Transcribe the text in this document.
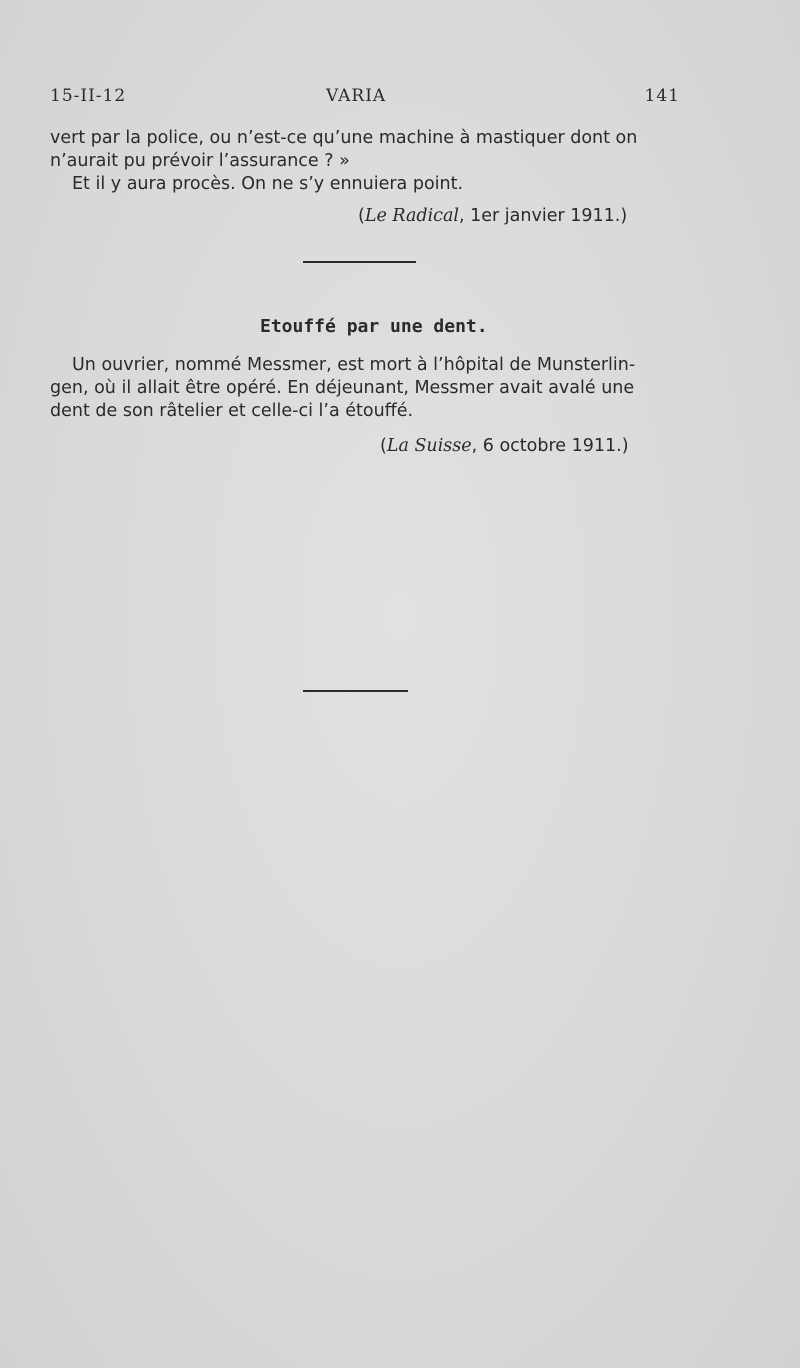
15-II-12	VARIA	141
vert par la police, ou n’est-ce qu’une machine à mastiquer dont on
n’aurait pu prévoir l’assurance ? »
Et il y aura procès. On ne s’y ennuiera point.
(Le Radical, 1er janvier 1911.)
Etouffé par une dent.
Un ouvrier, nommé Messmer, est mort à l’hôpital de Munsterlin-
gen, où il allait être opéré. En déjeunant, Messmer avait avalé une
dent de son râtelier et celle-ci l’a étouffé.
(La Suisse, 6 octobre 1911.)
